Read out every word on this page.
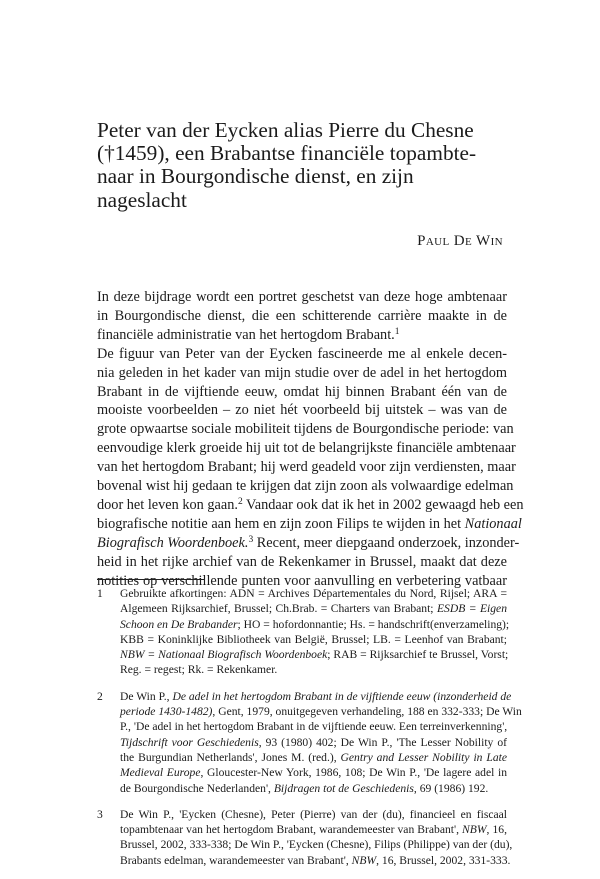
Peter van der Eycken alias Pierre du Chesne
(†1459), een Brabantse financiële topambte-
naar in Bourgondische dienst, en zijn
nageslacht
Paul De Win
In deze bijdrage wordt een portret geschetst van deze hoge ambtenaar
in Bourgondische dienst, die een schitterende carrière maakte in de
financiële administratie van het hertogdom Brabant.$^1$
De figuur van Peter van der Eycken fascineerde me al enkele decen-
nia geleden in het kader van mijn studie over de adel in het hertogdom
Brabant in de vijftiende eeuw, omdat hij binnen Brabant één van de
mooiste voorbeelden – zo niet hét voorbeeld bij uitstek – was van de
grote opwaartse sociale mobiliteit tijdens de Bourgondische periode: van
eenvoudige klerk groeide hij uit tot de belangrijkste financiële ambtenaar
van het hertogdom Brabant; hij werd geadeld voor zijn verdiensten, maar
bovenal wist hij gedaan te krijgen dat zijn zoon als volwaardige edelman
door het leven kon gaan.$^2$ Vandaar ook dat ik het in 2002 gewaagd heb een
biografische notitie aan hem en zijn zoon Filips te wijden in het Nationaal
Biografisch Woordenboek.$^3$ Recent, meer diepgaand onderzoek, inzonder-
heid in het rijke archief van de Rekenkamer in Brussel, maakt dat deze
notities op verschillende punten voor aanvulling en verbetering vatbaar
1 Gebruikte afkortingen: ADN = Archives Départementales du Nord, Rijsel; ARA =
Algemeen Rijksarchief, Brussel; Ch.Brab. = Charters van Brabant; ESDB = Eigen
Schoon en De Brabander; HO = hofordonnantie; Hs. = handschrift(enverzameling);
KBB = Koninklijke Bibliotheek van België, Brussel; LB. = Leenhof van Brabant;
NBW = Nationaal Biografisch Woordenboek; RAB = Rijksarchief te Brussel, Vorst;
Reg. = regest; Rk. = Rekenkamer.
2 De Win P., De adel in het hertogdom Brabant in de vijftiende eeuw (inzonderheid de
periode 1430-1482), Gent, 1979, onuitgegeven verhandeling, 188 en 332-333; De Win
P., 'De adel in het hertogdom Brabant in de vijftiende eeuw. Een terreinverkenning',
Tijdschrift voor Geschiedenis, 93 (1980) 402; De Win P., 'The Lesser Nobility of
the Burgundian Netherlands', Jones M. (red.), Gentry and Lesser Nobility in Late
Medieval Europe, Gloucester-New York, 1986, 108; De Win P., 'De lagere adel in
de Bourgondische Nederlanden', Bijdragen tot de Geschiedenis, 69 (1986) 192.
3 De Win P., 'Eycken (Chesne), Peter (Pierre) van der (du), financieel en fiscaal
topambtenaar van het hertogdom Brabant, warandemeester van Brabant', NBW, 16,
Brussel, 2002, 333-338; De Win P., 'Eycken (Chesne), Filips (Philippe) van der (du),
Brabants edelman, warandemeester van Brabant', NBW, 16, Brussel, 2002, 331-333.
